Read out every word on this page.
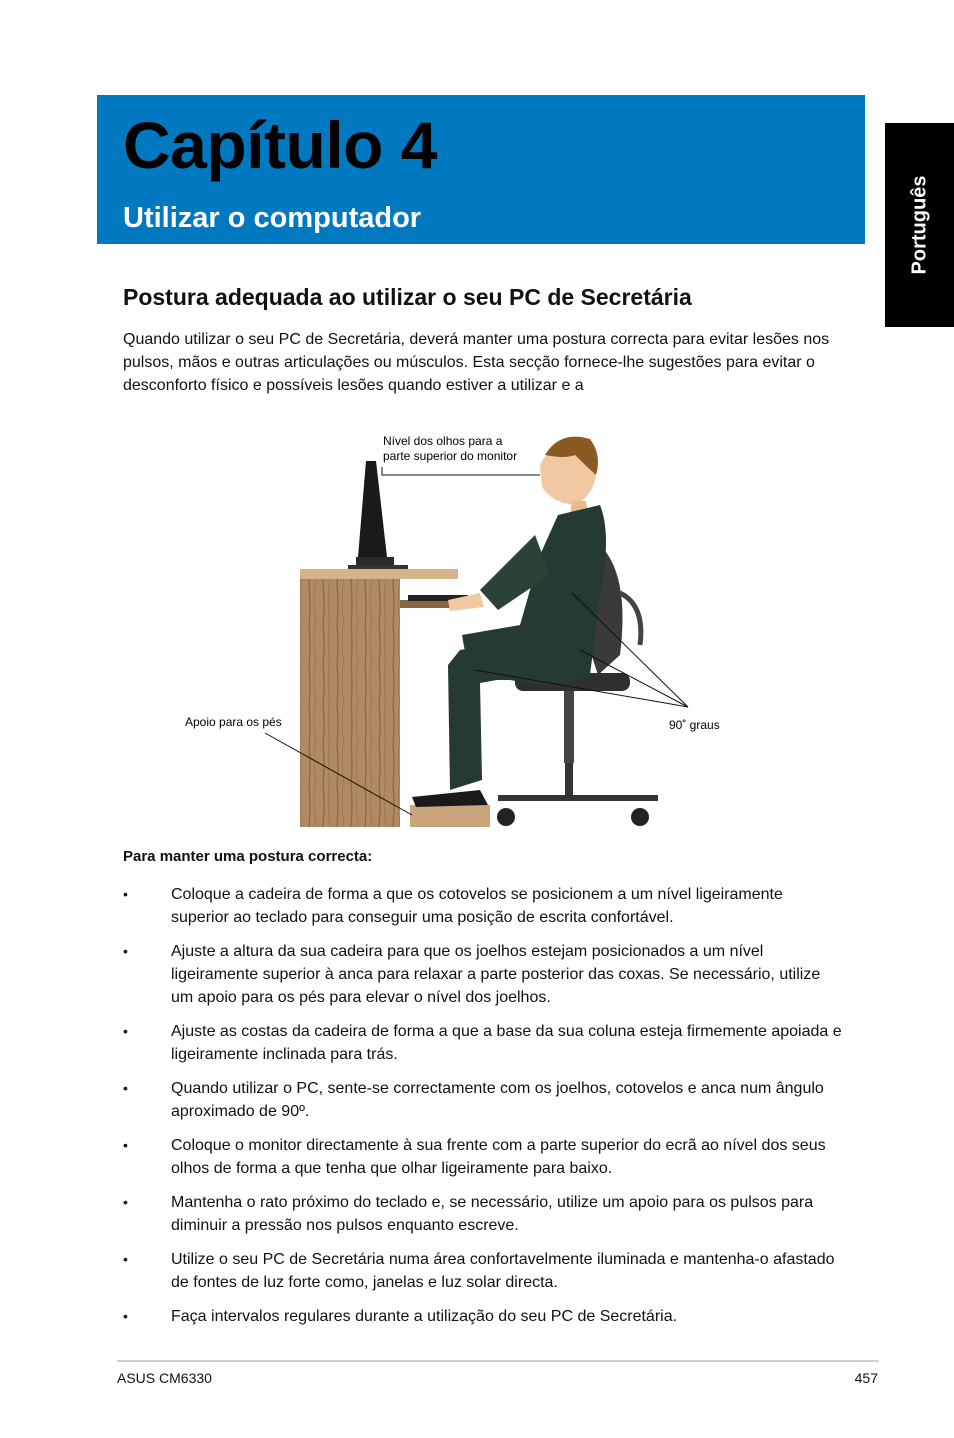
Capítulo 4
Utilizar o computador	Português
Postura adequada ao utilizar o seu PC de Secretária

Quando utilizar o seu PC de Secretária, deverá manter uma postura correcta para evitar lesões nos pulsos, mãos e outras articulações ou músculos. Esta secção fornece-lhe sugestões para evitar o desconforto físico e possíveis lesões quando estiver a utilizar e a

Nível dos olhos para a
parte superior do monitor
Apoio para os pés	90˚ graus

Para manter uma postura correcta:

• Coloque a cadeira de forma a que os cotovelos se posicionem a um nível ligeiramente superior ao teclado para conseguir uma posição de escrita confortável.
• Ajuste a altura da sua cadeira para que os joelhos estejam posicionados a um nível ligeiramente superior à anca para relaxar a parte posterior das coxas. Se necessário, utilize um apoio para os pés para elevar o nível dos joelhos.
• Ajuste as costas da cadeira de forma a que a base da sua coluna esteja firmemente apoiada e ligeiramente inclinada para trás.
• Quando utilizar o PC, sente-se correctamente com os joelhos, cotovelos e anca num ângulo aproximado de 90º.
• Coloque o monitor directamente à sua frente com a parte superior do ecrã ao nível dos seus olhos de forma a que tenha que olhar ligeiramente para baixo.
• Mantenha o rato próximo do teclado e, se necessário, utilize um apoio para os pulsos para diminuir a pressão nos pulsos enquanto escreve.
• Utilize o seu PC de Secretária numa área confortavelmente iluminada e mantenha-o afastado de fontes de luz forte como, janelas e luz solar directa.
• Faça intervalos regulares durante a utilização do seu PC de Secretária.
ASUS CM6330	457
